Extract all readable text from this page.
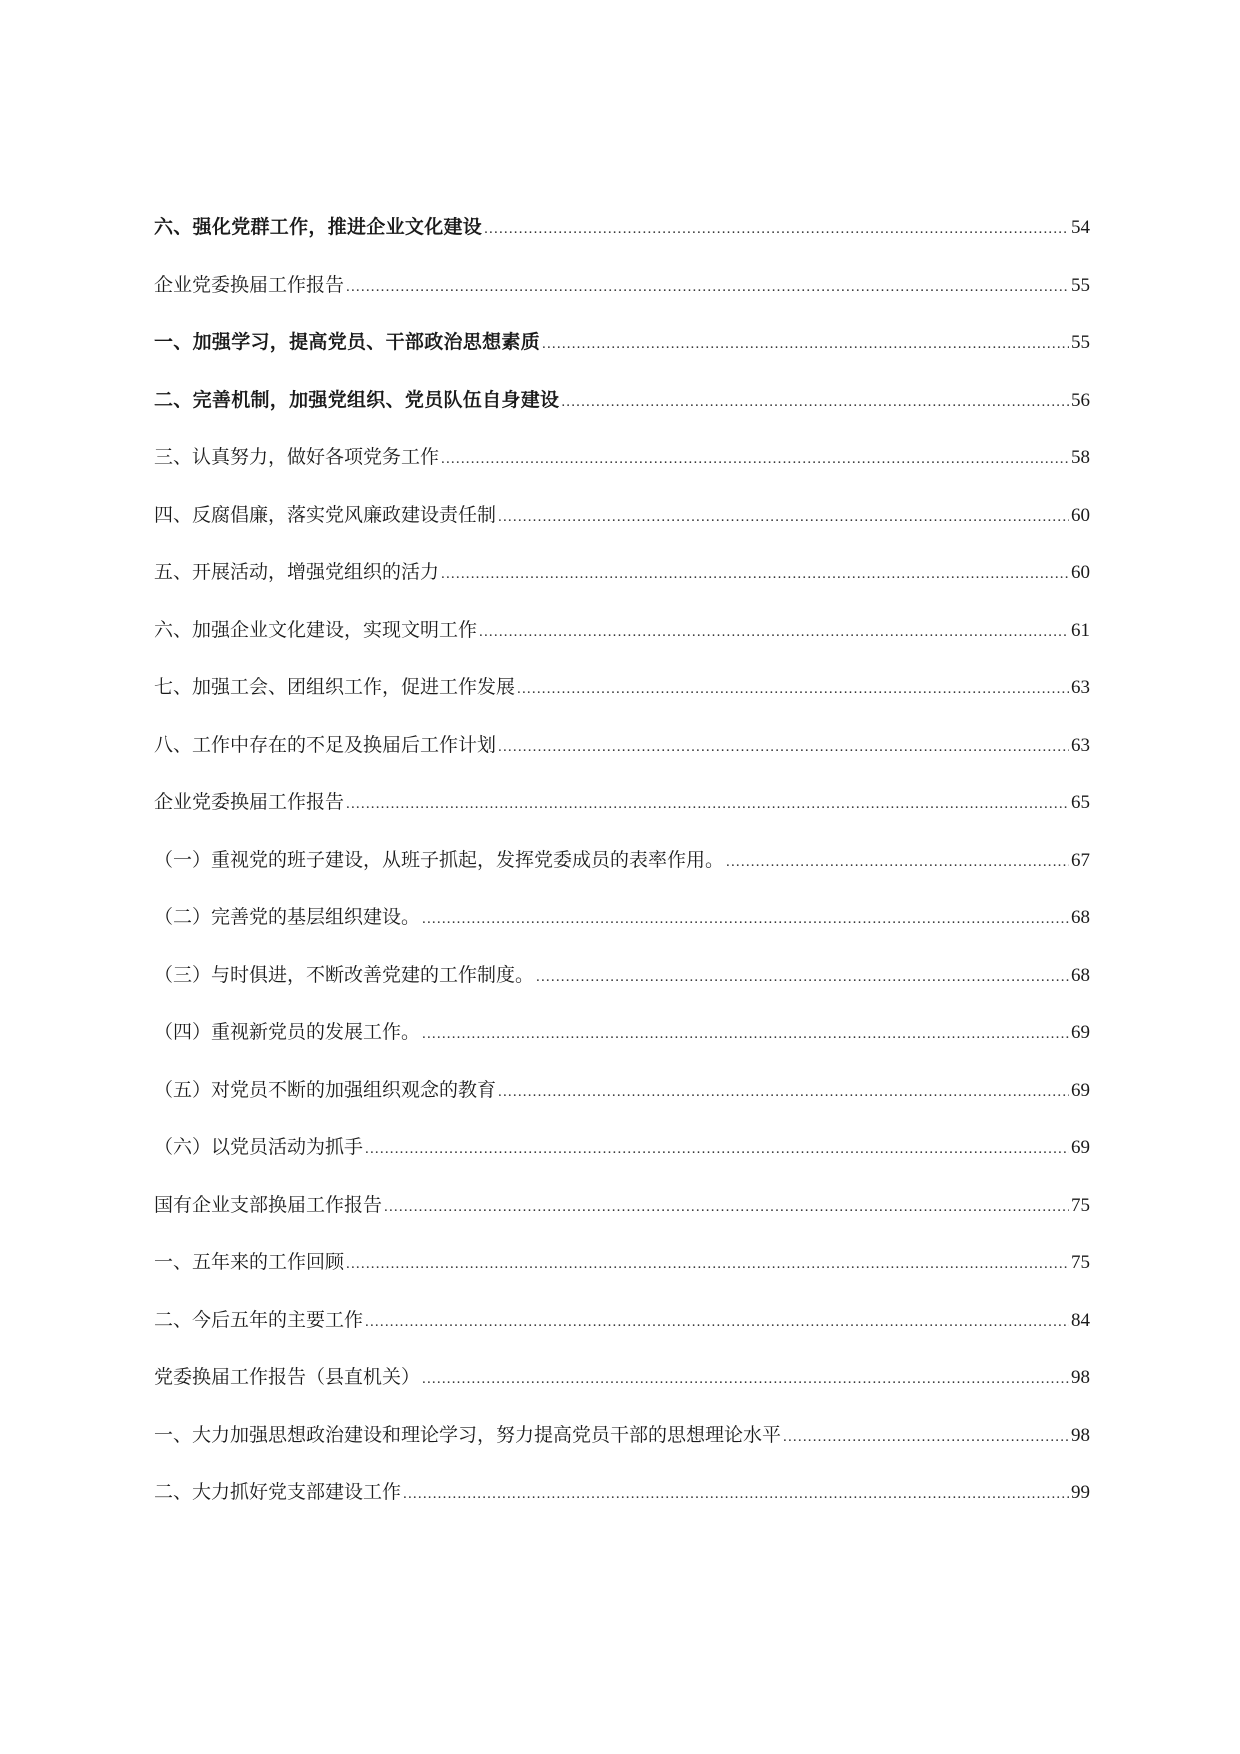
六、强化党群工作，推进企业文化建设 .....	54
企业党委换届工作报告 .....	55
一、加强学习，提高党员、干部政治思想素质 .....	55
二、完善机制，加强党组织、党员队伍自身建设 .....	56
三、认真努力，做好各项党务工作 .....	58
四、反腐倡廉，落实党风廉政建设责任制 .....	60
五、开展活动，增强党组织的活力 .....	60
六、加强企业文化建设，实现文明工作 .....	61
七、加强工会、团组织工作，促进工作发展 .....	63
八、工作中存在的不足及换届后工作计划 .....	63
企业党委换届工作报告 .....	65
（一）重视党的班子建设，从班子抓起，发挥党委成员的表率作用。 .....	67
（二）完善党的基层组织建设。 .....	68
（三）与时俱进，不断改善党建的工作制度。 .....	68
（四）重视新党员的发展工作。 .....	69
（五）对党员不断的加强组织观念的教育 .....	69
（六）以党员活动为抓手 .....	69
国有企业支部换届工作报告 .....	75
一、五年来的工作回顾 .....	75
二、今后五年的主要工作 .....	84
党委换届工作报告（县直机关） .....	98
一、大力加强思想政治建设和理论学习，努力提高党员干部的思想理论水平 .....	98
二、大力抓好党支部建设工作 .....	99
